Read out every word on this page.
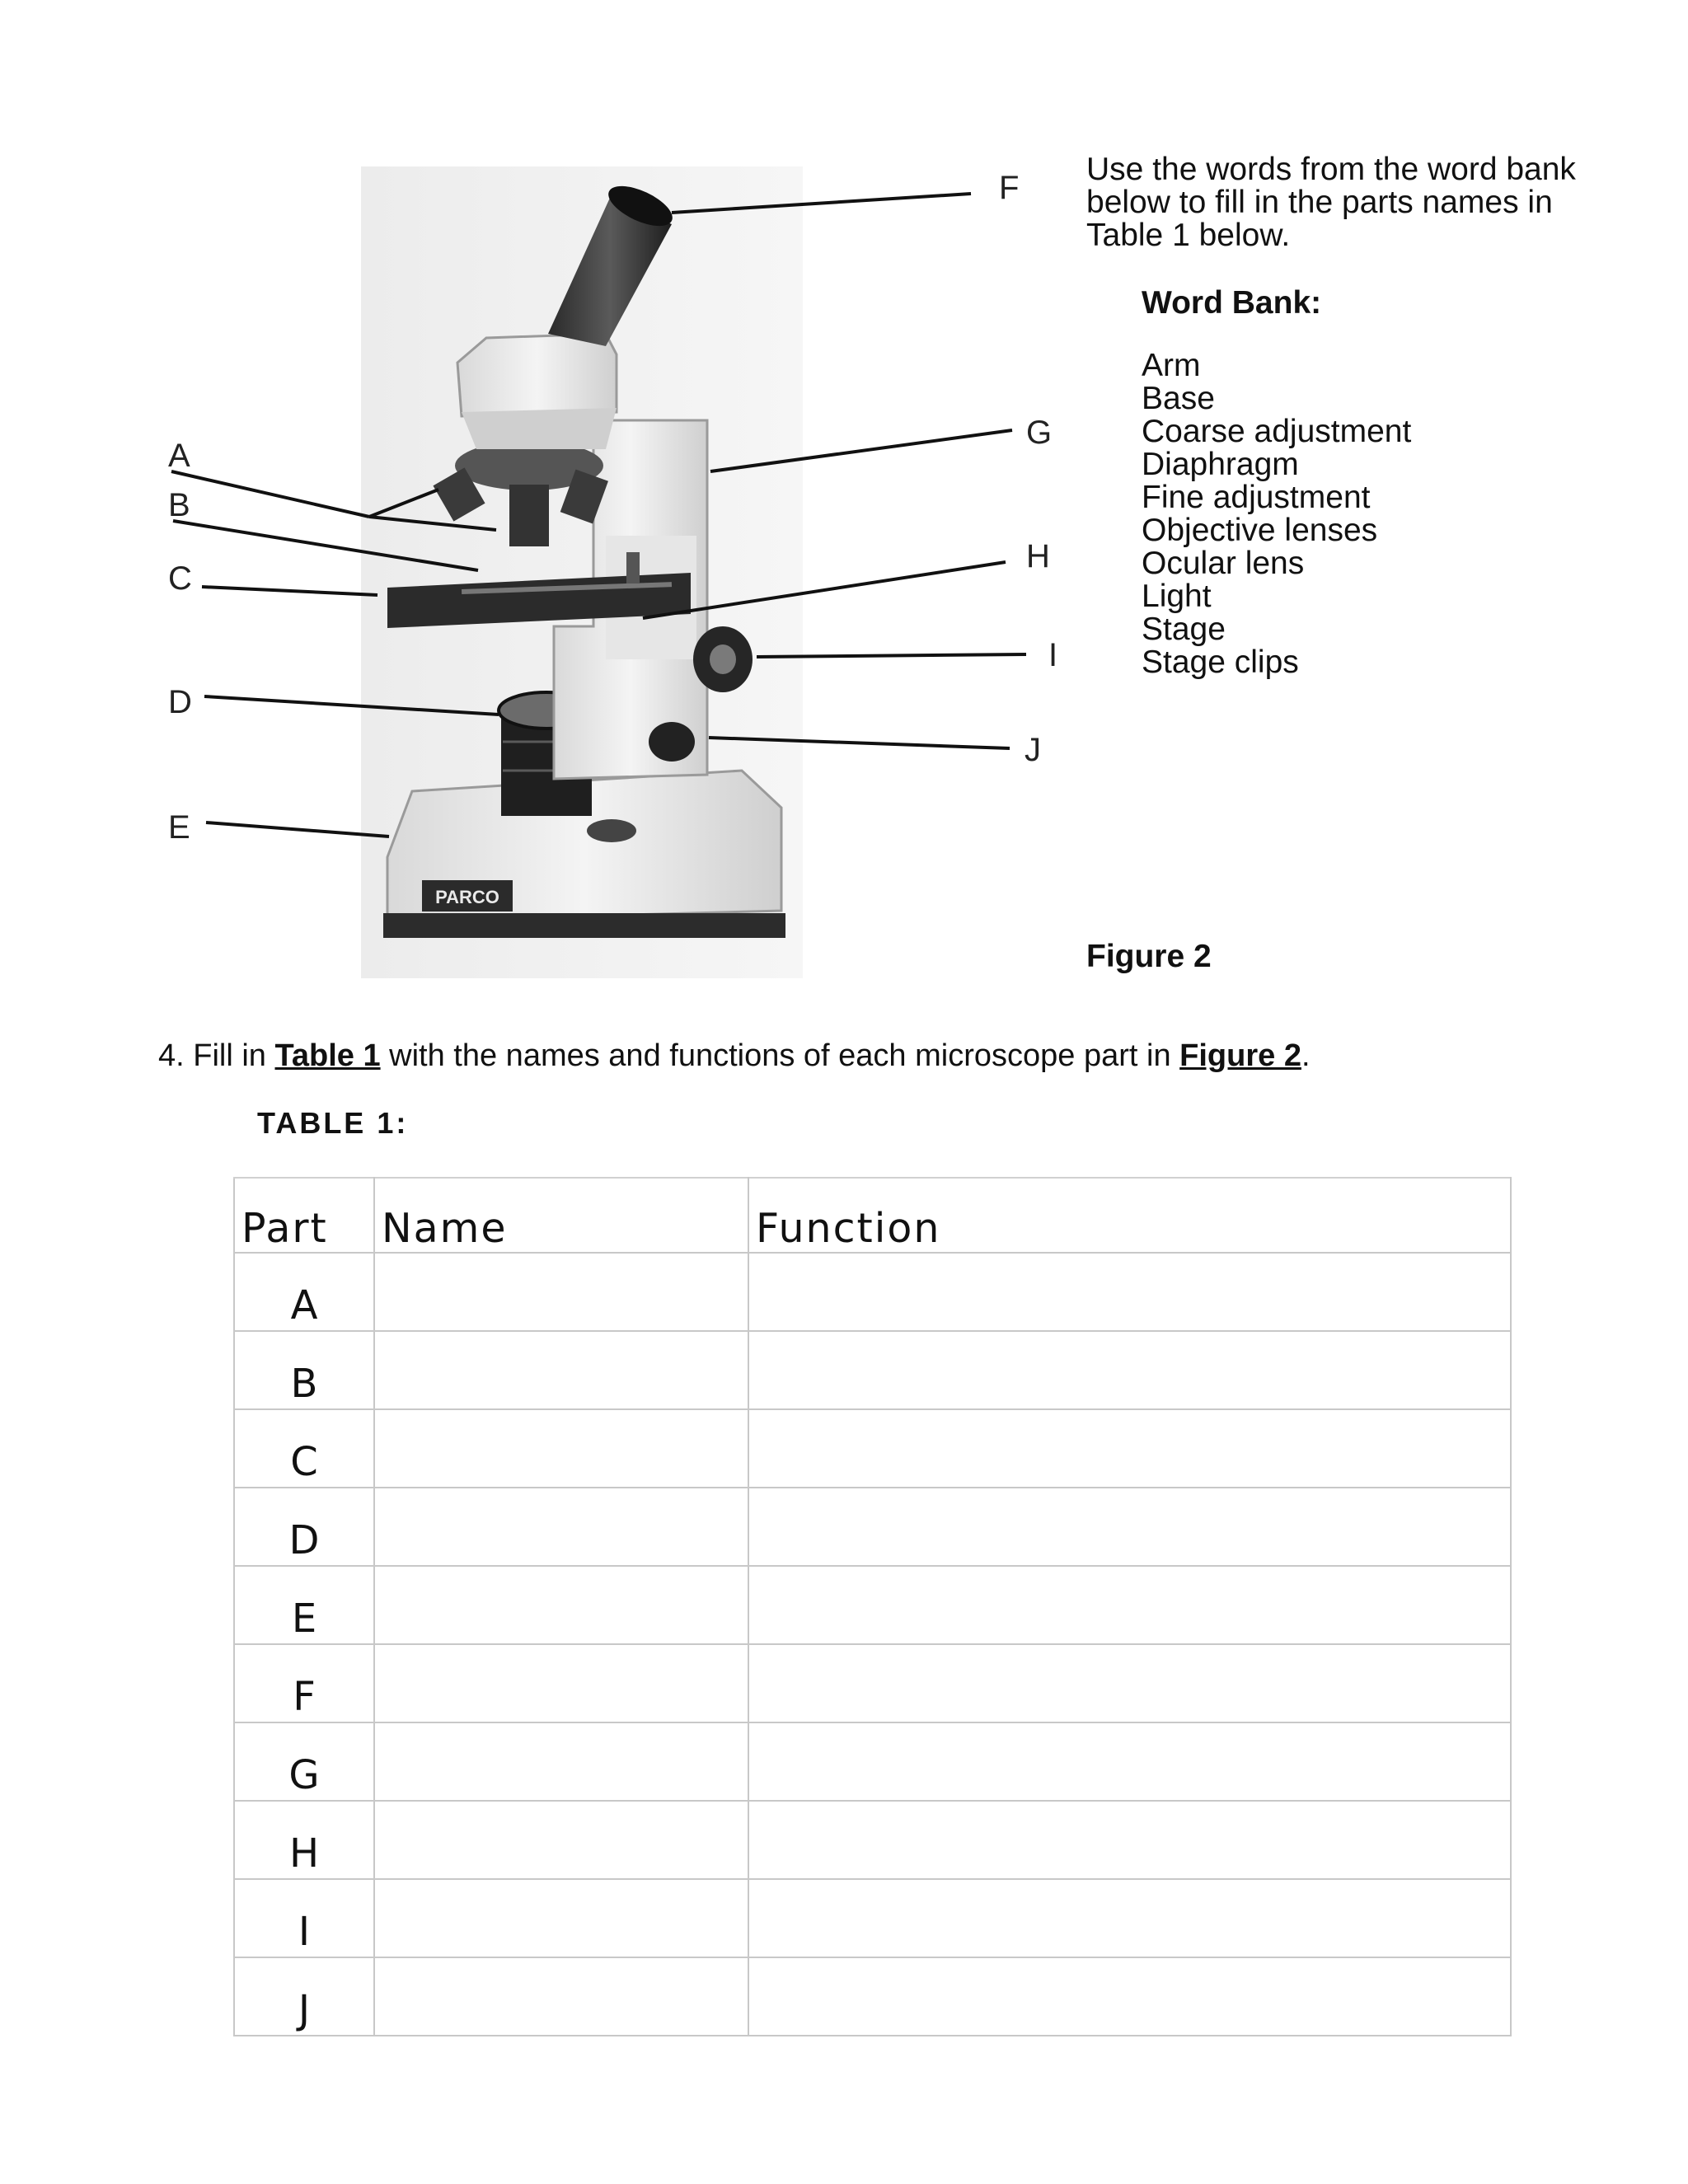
PARCO
A
B
C
D
E
F
G
H
I
J
Use the words from the word bank below to fill in the parts names in Table 1 below.
Word Bank:
Arm
Base
Coarse adjustment
Diaphragm
Fine adjustment
Objective lenses
Ocular lens
Light
Stage
Stage clips
Figure 2
4. Fill in Table 1 with the names and functions of each microscope part in Figure 2.
TABLE 1:
Part	Name	Function
A		
B		
C		
D		
E		
F		
G		
H		
I		
J		
